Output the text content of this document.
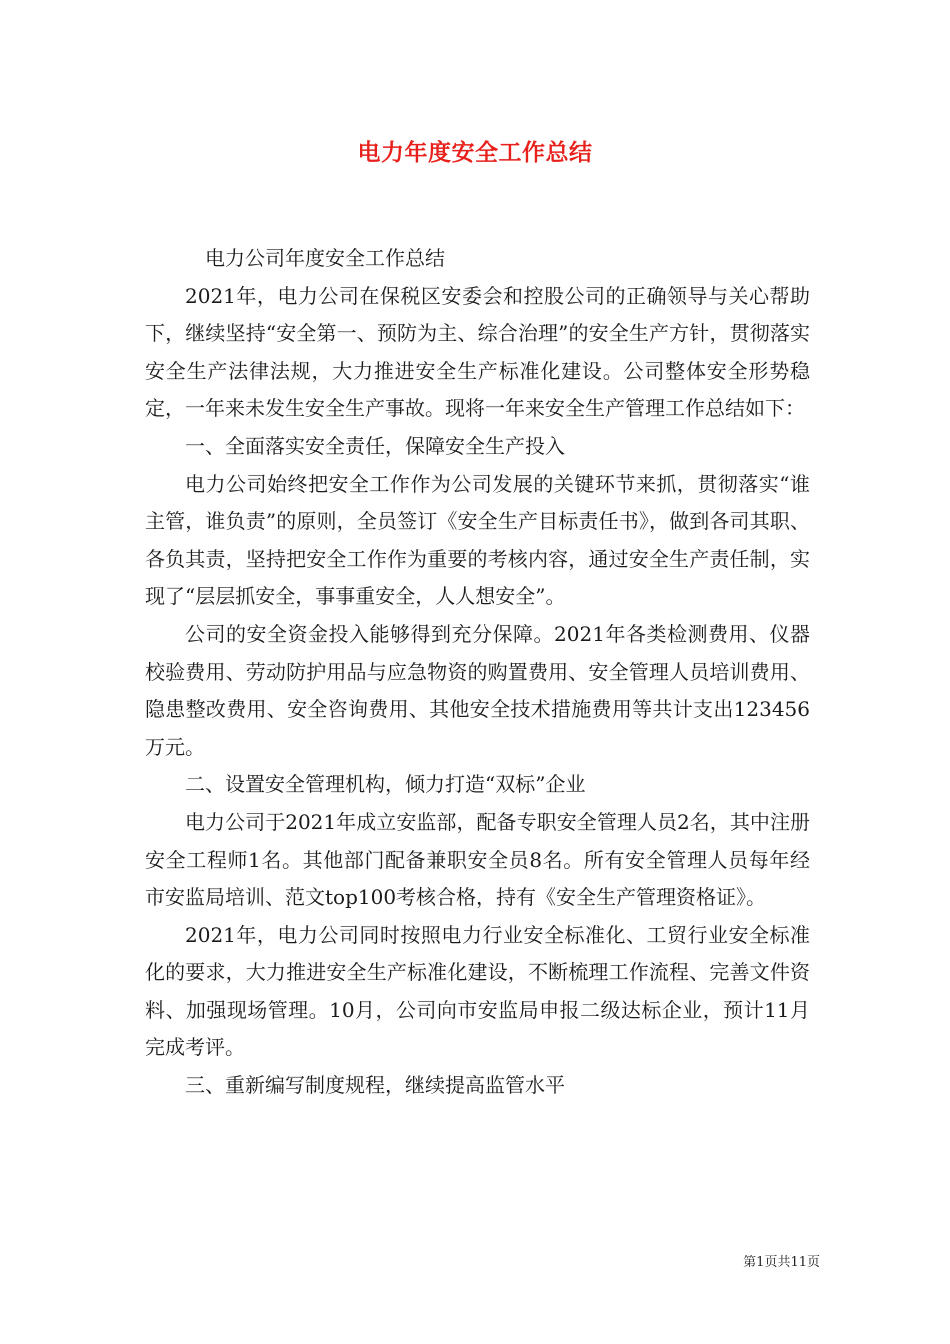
电力年度安全工作总结

电力公司年度安全工作总结

2021年，电力公司在保税区安委会和控股公司的正确领导与关心帮助下，继续坚持“安全第一、预防为主、综合治理”的安全生产方针，贯彻落实安全生产法律法规，大力推进安全生产标准化建设。公司整体安全形势稳定，一年来未发生安全生产事故。现将一年来安全生产管理工作总结如下：

一、全面落实安全责任，保障安全生产投入

电力公司始终把安全工作作为公司发展的关键环节来抓，贯彻落实“谁主管，谁负责”的原则，全员签订《安全生产目标责任书》，做到各司其职、各负其责，坚持把安全工作作为重要的考核内容，通过安全生产责任制，实现了“层层抓安全，事事重安全，人人想安全”。

公司的安全资金投入能够得到充分保障。2021年各类检测费用、仪器校验费用、劳动防护用品与应急物资的购置费用、安全管理人员培训费用、隐患整改费用、安全咨询费用、其他安全技术措施费用等共计支出123456万元。

二、设置安全管理机构，倾力打造“双标”企业

电力公司于2021年成立安监部，配备专职安全管理人员2名，其中注册安全工程师1名。其他部门配备兼职安全员8名。所有安全管理人员每年经市安监局培训、范文top100考核合格，持有《安全生产管理资格证》。

2021年，电力公司同时按照电力行业安全标准化、工贸行业安全标准化的要求，大力推进安全生产标准化建设，不断梳理工作流程、完善文件资料、加强现场管理。10月，公司向市安监局申报二级达标企业，预计11月完成考评。

三、重新编写制度规程，继续提高监管水平

第1页共11页
